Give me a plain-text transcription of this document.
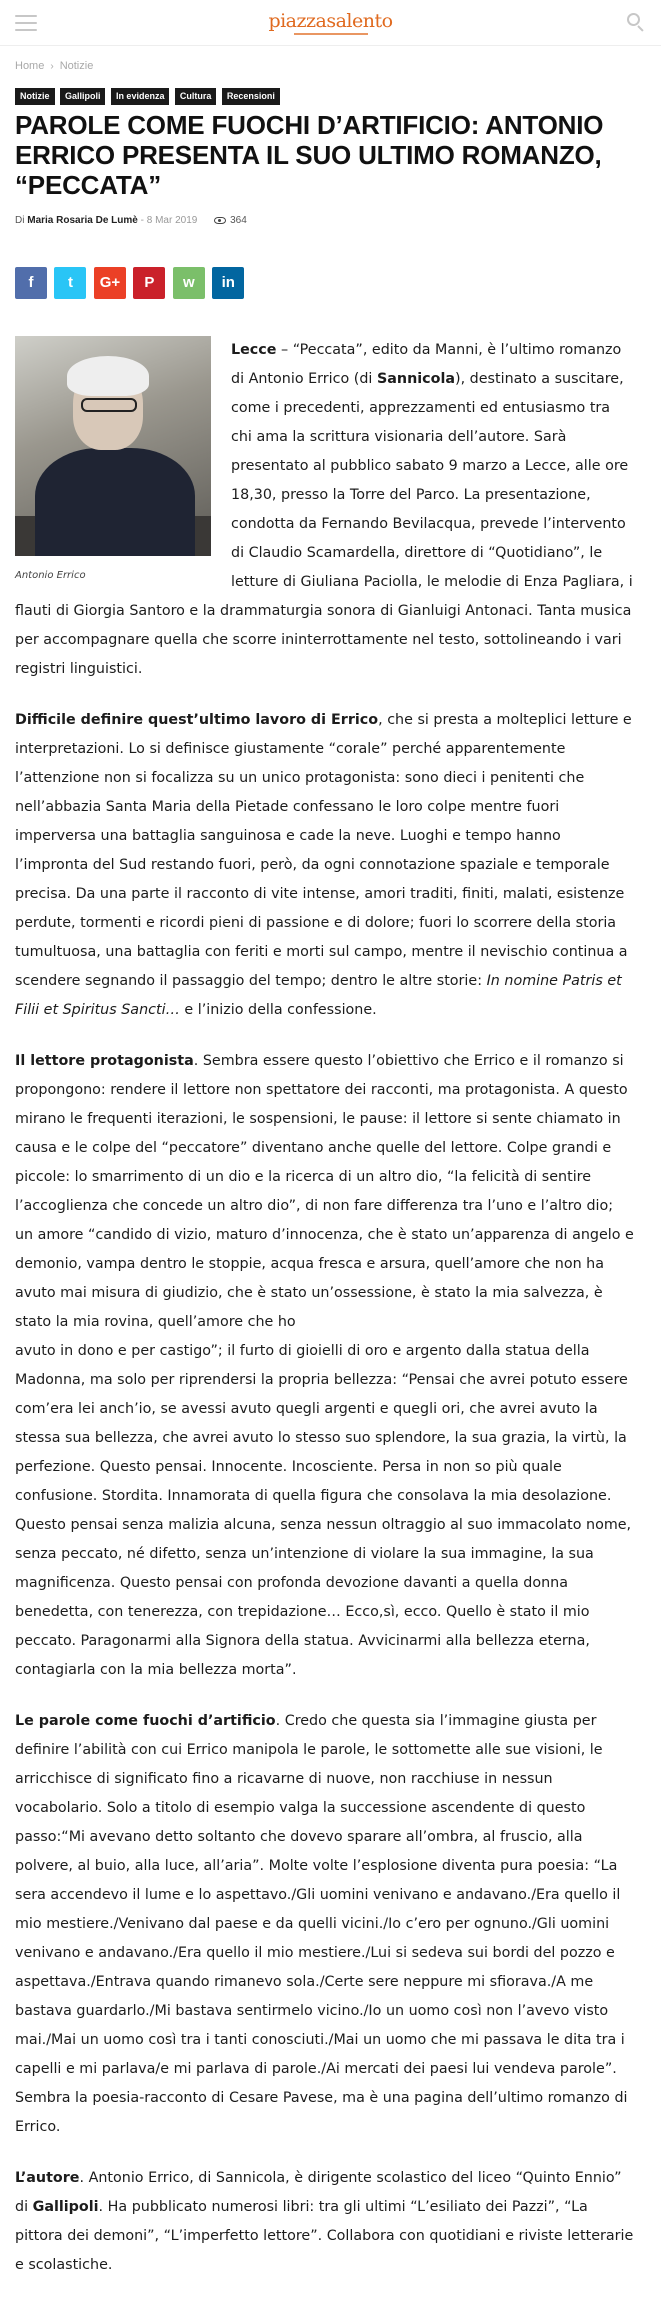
piazzasalento
Home › Notizie
Notizie Gallipoli In evidenza Cultura Recensioni
PAROLE COME FUOCHI D’ARTIFICIO: ANTONIO ERRICO PRESENTA IL SUO ULTIMO ROMANZO, “PECCATA”
Di Maria Rosaria De Lumè - 8 Mar 2019	364
f t G+ P w in
Antonio Errico

Lecce – “Peccata”, edito da Manni, è l’ultimo romanzo di Antonio Errico (di Sannicola), destinato a suscitare, come i precedenti, apprezzamenti ed entusiasmo tra chi ama la scrittura visionaria dell’autore. Sarà presentato al pubblico sabato 9 marzo a Lecce, alle ore 18,30, presso la Torre del Parco. La presentazione, condotta da Fernando Bevilacqua, prevede l’intervento di Claudio Scamardella, direttore di “Quotidiano”, le letture di Giuliana Paciolla, le melodie di Enza Pagliara, i flauti di Giorgia Santoro e la drammaturgia sonora di Gianluigi Antonaci. Tanta musica per accompagnare quella che scorre ininterrottamente nel testo, sottolineando i vari registri linguistici.

Difficile definire quest’ultimo lavoro di Errico, che si presta a molteplici letture e interpretazioni. Lo si definisce giustamente “corale” perché apparentemente l’attenzione non si focalizza su un unico protagonista: sono dieci i penitenti che nell’abbazia Santa Maria della Pietade confessano le loro colpe mentre fuori imperversa una battaglia sanguinosa e cade la neve. Luoghi e tempo hanno l’impronta del Sud restando fuori, però, da ogni connotazione spaziale e temporale precisa. Da una parte il racconto di vite intense, amori traditi, finiti, malati, esistenze perdute, tormenti e ricordi pieni di passione e di dolore; fuori lo scorrere della storia tumultuosa, una battaglia con feriti e morti sul campo, mentre il nevischio continua a scendere segnando il passaggio del tempo; dentro le altre storie: In nomine Patris et Filii et Spiritus Sancti… e l’inizio della confessione.

Il lettore protagonista. Sembra essere questo l’obiettivo che Errico e il romanzo si propongono: rendere il lettore non spettatore dei racconti, ma protagonista. A questo mirano le frequenti iterazioni, le sospensioni, le pause: il lettore si sente chiamato in causa e le colpe del “peccatore” diventano anche quelle del lettore. Colpe grandi e piccole: lo smarrimento di un dio e la ricerca di un altro dio, “la felicità di sentire l’accoglienza che concede un altro dio”, di non fare differenza tra l’uno e l’altro dio; un amore “candido di vizio, maturo d’innocenza, che è stato un’apparenza di angelo e demonio, vampa dentro le stoppie, acqua fresca e arsura, quell’amore che non ha avuto mai misura di giudizio, che è stato un’ossessione, è stato la mia salvezza, è stato la mia rovina, quell’amore che ho
avuto in dono e per castigo”; il furto di gioielli di oro e argento dalla statua della Madonna, ma solo per riprendersi la propria bellezza: “Pensai che avrei potuto essere com’era lei anch’io, se avessi avuto quegli argenti e quegli ori, che avrei avuto la stessa sua bellezza, che avrei avuto lo stesso suo splendore, la sua grazia, la virtù, la perfezione. Questo pensai. Innocente. Incosciente. Persa in non so più quale confusione. Stordita. Innamorata di quella figura che consolava la mia desolazione. Questo pensai senza malizia alcuna, senza nessun oltraggio al suo immacolato nome, senza peccato, né difetto, senza un’intenzione di violare la sua immagine, la sua magnificenza. Questo pensai con profonda devozione davanti a quella donna benedetta, con tenerezza, con trepidazione… Ecco,sì, ecco. Quello è stato il mio peccato. Paragonarmi alla Signora della statua. Avvicinarmi alla bellezza eterna, contagiarla con la mia bellezza morta”.

Le parole come fuochi d’artificio. Credo che questa sia l’immagine giusta per definire l’abilità con cui Errico manipola le parole, le sottomette alle sue visioni, le arricchisce di significato fino a ricavarne di nuove, non racchiuse in nessun vocabolario. Solo a titolo di esempio valga la successione ascendente di questo passo:“Mi avevano detto soltanto che dovevo sparare all’ombra, al fruscio, alla polvere, al buio, alla luce, all’aria”. Molte volte l’esplosione diventa pura poesia: “La sera accendevo il lume e lo aspettavo./Gli uomini venivano e andavano./Era quello il mio mestiere./Venivano dal paese e da quelli vicini./Io c’ero per ognuno./Gli uomini venivano e andavano./Era quello il mio mestiere./Lui si sedeva sui bordi del pozzo e aspettava./Entrava quando rimanevo sola./Certe sere neppure mi sfiorava./A me bastava guardarlo./Mi bastava sentirmelo vicino./Io un uomo così non l’avevo visto mai./Mai un uomo così tra i tanti conosciuti./Mai un uomo che mi passava le dita tra i capelli e mi parlava/e mi parlava di parole./Ai mercati dei paesi lui vendeva parole”. Sembra la poesia-racconto di Cesare Pavese, ma è una pagina dell’ultimo romanzo di Errico.

L’autore. Antonio Errico, di Sannicola, è dirigente scolastico del liceo “Quinto Ennio” di Gallipoli. Ha pubblicato numerosi libri: tra gli ultimi “L’esiliato dei Pazzi”, “La pittora dei demoni”, “L’imperfetto lettore”. Collabora con quotidiani e riviste letterarie e scolastiche.
